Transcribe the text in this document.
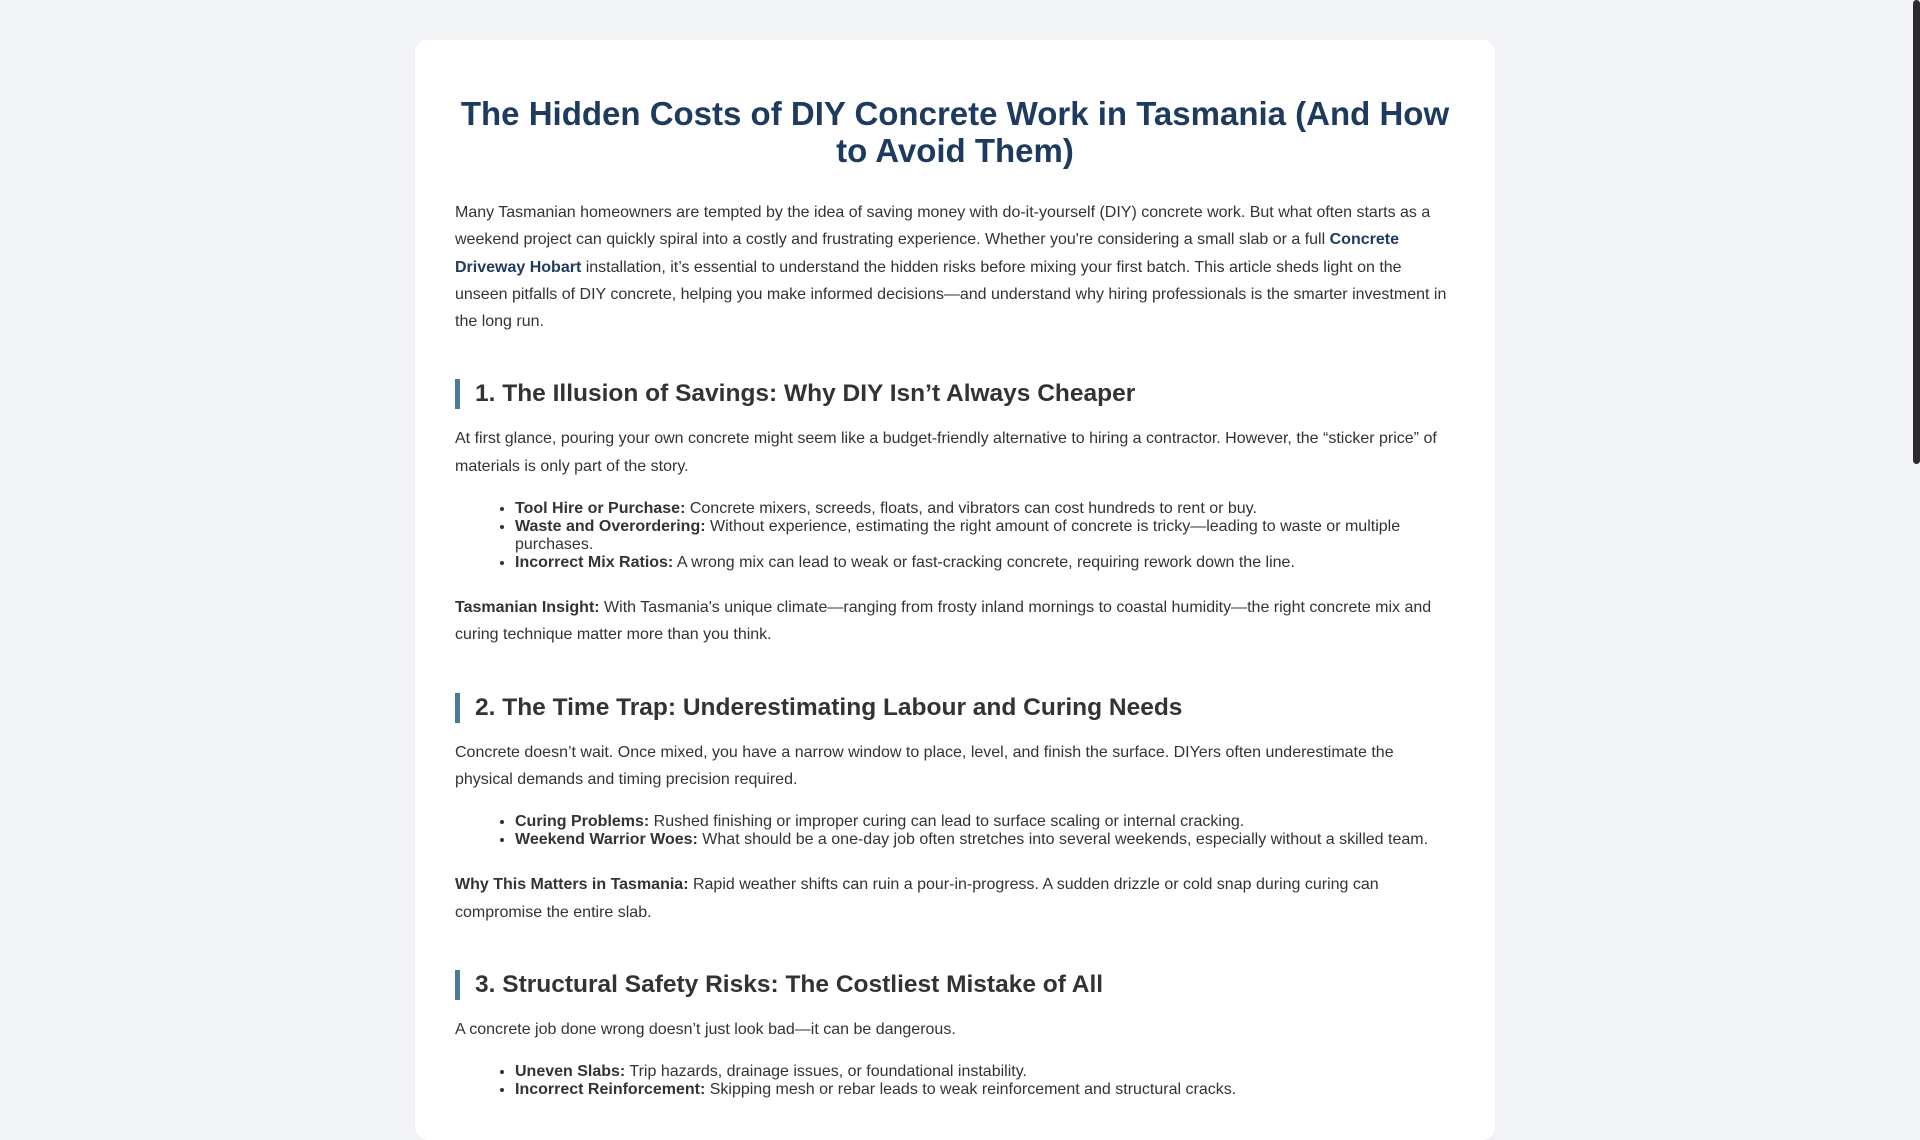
The Hidden Costs of DIY Concrete Work in Tasmania (And How to Avoid Them)

Many Tasmanian homeowners are tempted by the idea of saving money with do-it-yourself (DIY) concrete work. But what often starts as a weekend project can quickly spiral into a costly and frustrating experience. Whether you're considering a small slab or a full Concrete Driveway Hobart installation, it’s essential to understand the hidden risks before mixing your first batch. This article sheds light on the unseen pitfalls of DIY concrete, helping you make informed decisions—and understand why hiring professionals is the smarter investment in the long run.

1. The Illusion of Savings: Why DIY Isn’t Always Cheaper

At first glance, pouring your own concrete might seem like a budget-friendly alternative to hiring a contractor. However, the “sticker price” of materials is only part of the story.

• Tool Hire or Purchase: Concrete mixers, screeds, floats, and vibrators can cost hundreds to rent or buy.
• Waste and Overordering: Without experience, estimating the right amount of concrete is tricky—leading to waste or multiple purchases.
• Incorrect Mix Ratios: A wrong mix can lead to weak or fast-cracking concrete, requiring rework down the line.

Tasmanian Insight: With Tasmania's unique climate—ranging from frosty inland mornings to coastal humidity—the right concrete mix and curing technique matter more than you think.

2. The Time Trap: Underestimating Labour and Curing Needs

Concrete doesn’t wait. Once mixed, you have a narrow window to place, level, and finish the surface. DIYers often underestimate the physical demands and timing precision required.

• Curing Problems: Rushed finishing or improper curing can lead to surface scaling or internal cracking.
• Weekend Warrior Woes: What should be a one-day job often stretches into several weekends, especially without a skilled team.

Why This Matters in Tasmania: Rapid weather shifts can ruin a pour-in-progress. A sudden drizzle or cold snap during curing can compromise the entire slab.

3. Structural Safety Risks: The Costliest Mistake of All

A concrete job done wrong doesn’t just look bad—it can be dangerous.

• Uneven Slabs: Trip hazards, drainage issues, or foundational instability.
• Incorrect Reinforcement: Skipping mesh or rebar leads to weak reinforcement and structural cracks.
